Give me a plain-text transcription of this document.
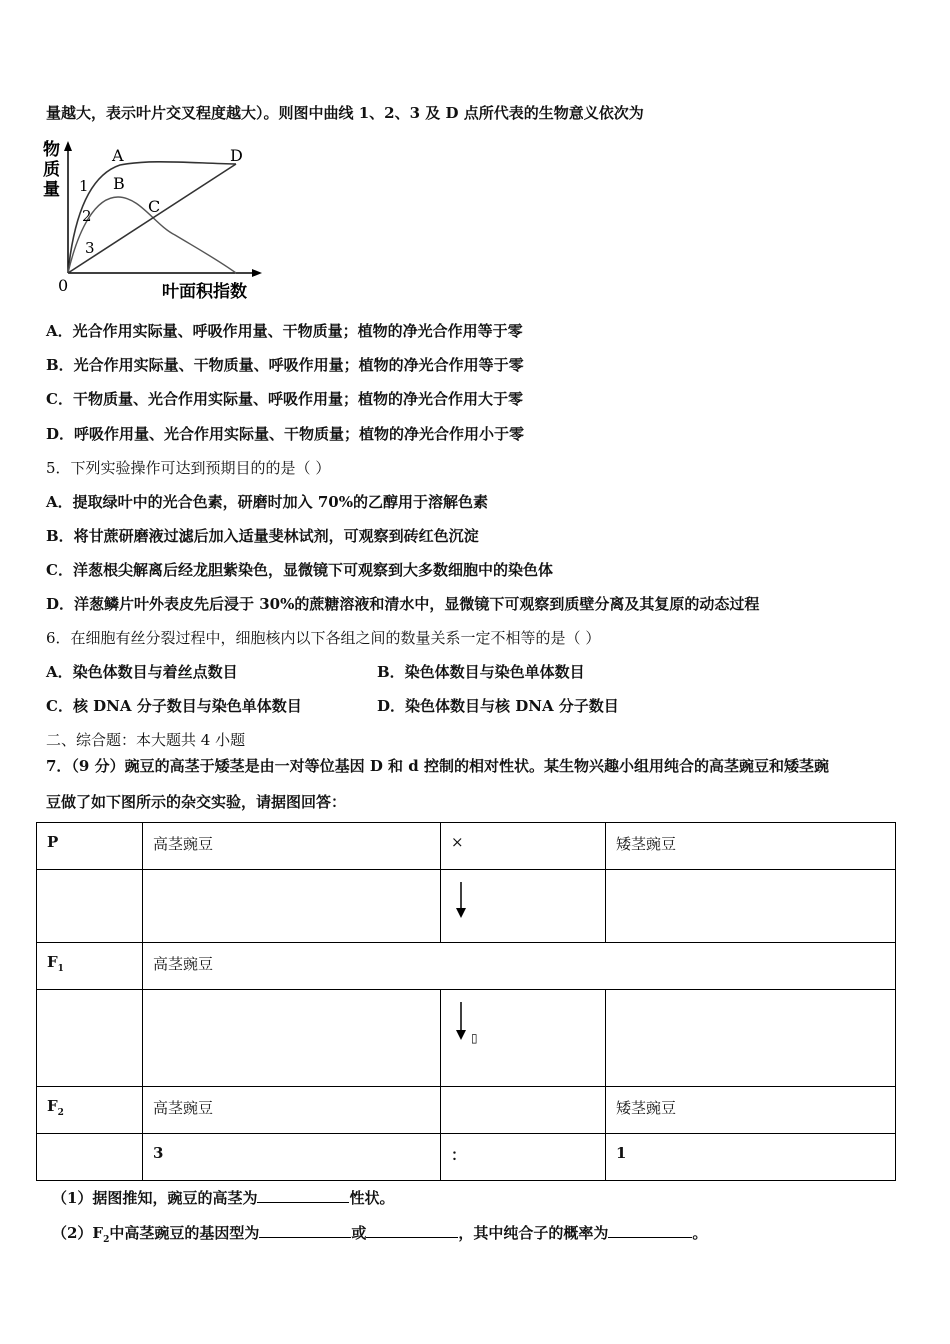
量越大，表示叶片交叉程度越大）。则图中曲线 1、2、3 及 D 点所代表的生物意义依次为
物
质
量
叶面积指数
0
A
B
C
D
1
2
3
A．光合作用实际量、呼吸作用量、干物质量；植物的净光合作用等于零
B．光合作用实际量、干物质量、呼吸作用量；植物的净光合作用等于零
C．干物质量、光合作用实际量、呼吸作用量；植物的净光合作用大于零
D．呼吸作用量、光合作用实际量、干物质量；植物的净光合作用小于零
5．下列实验操作可达到预期目的的是（ ）
A．提取绿叶中的光合色素，研磨时加入 70%的乙醇用于溶解色素
B．将甘蔗研磨液过滤后加入适量斐林试剂，可观察到砖红色沉淀
C．洋葱根尖解离后经龙胆紫染色，显微镜下可观察到大多数细胞中的染色体
D．洋葱鳞片叶外表皮先后浸于 30%的蔗糖溶液和清水中，显微镜下可观察到质壁分离及其复原的动态过程
6．在细胞有丝分裂过程中，细胞核内以下各组之间的数量关系一定不相等的是（ ）
A．染色体数目与着丝点数目	B．染色体数目与染色单体数目
C．核 DNA 分子数目与染色单体数目	D．染色体数目与核 DNA 分子数目
二、综合题：本大题共 4 小题
7．（9 分）豌豆的高茎于矮茎是由一对等位基因 D 和 d 控制的相对性状。某生物兴趣小组用纯合的高茎豌豆和矮茎豌
豆做了如下图所示的杂交实验，请据图回答：
P	高茎豌豆	×	矮茎豌豆

$F_1$	高茎豌豆		
		$_▯$	
$F_2$	高茎豌豆		矮茎豌豆
	3	：	1
（1）据图推知，豌豆的高茎为	性状。
$(2)F_2$中高茎豌豆的基因型为	或	，其中纯合子的概率为	。
